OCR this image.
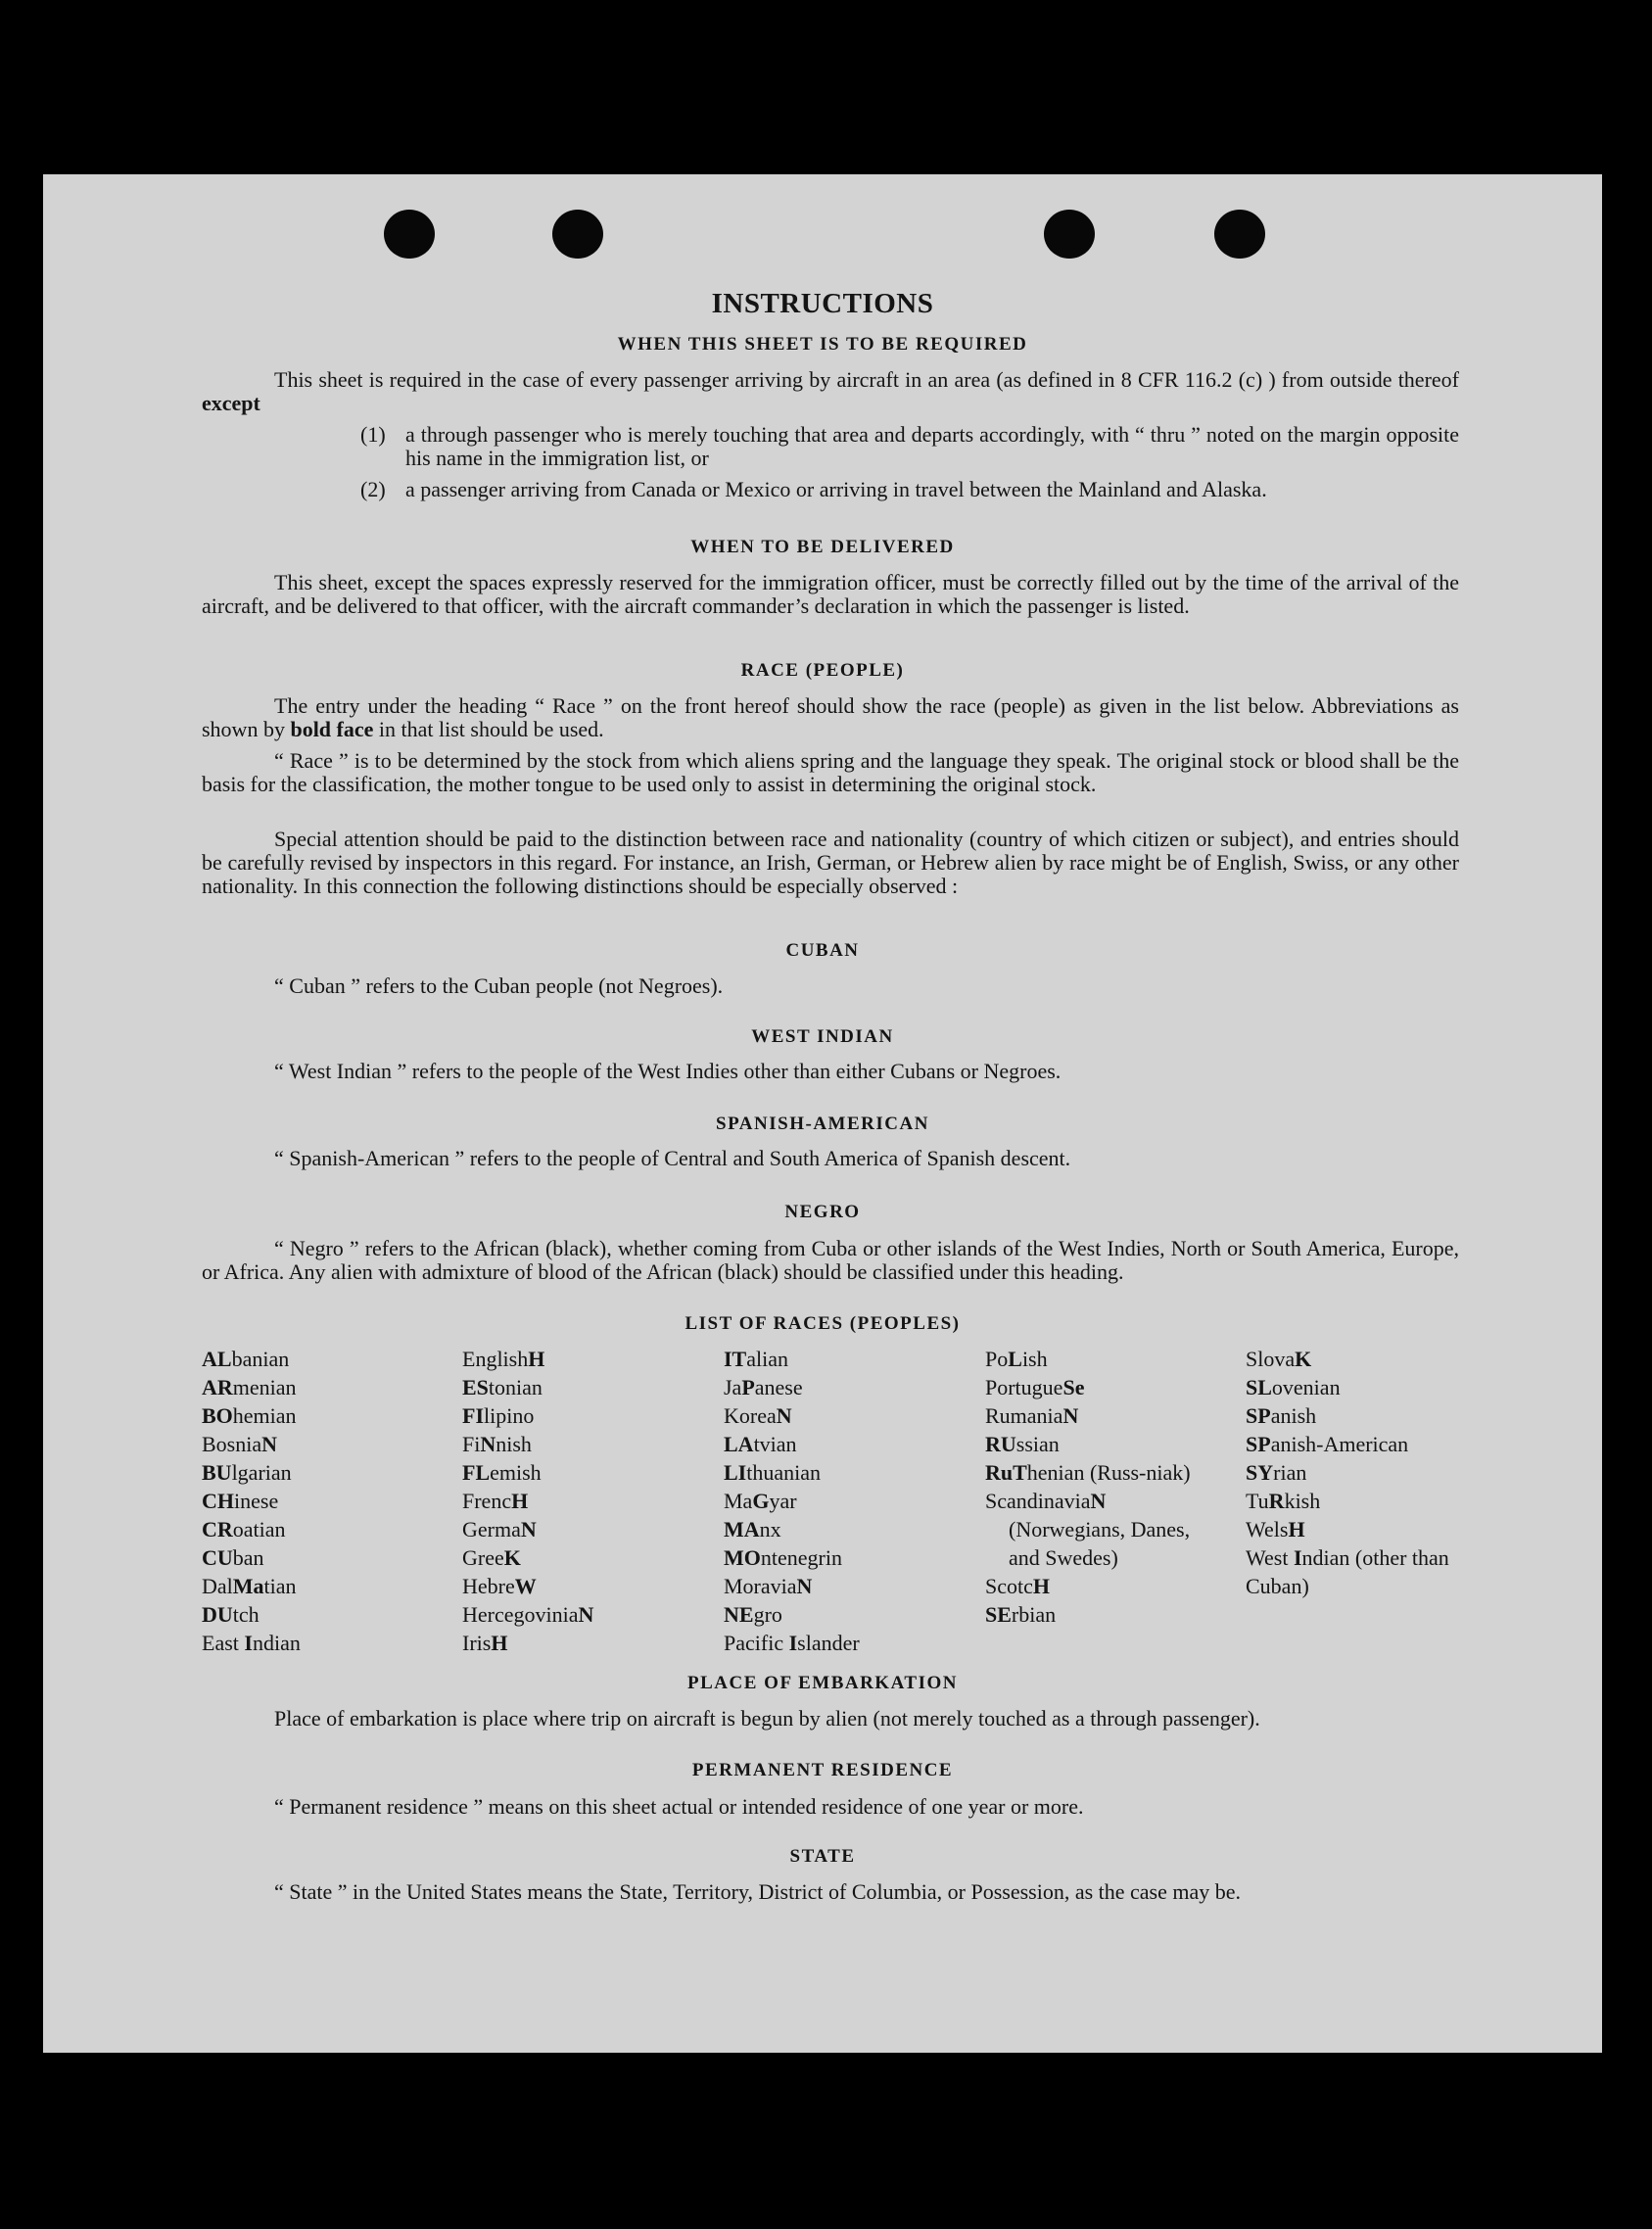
INSTRUCTIONS
WHEN THIS SHEET IS TO BE REQUIRED

This sheet is required in the case of every passenger arriving by aircraft in an area (as defined in 8 CFR 116.2 (c) ) from outside thereof except

(1) a through passenger who is merely touching that area and departs accordingly, with “ thru ” noted on the margin opposite his name in the immigration list, or
(2) a passenger arriving from Canada or Mexico or arriving in travel between the Mainland and Alaska.
WHEN TO BE DELIVERED

This sheet, except the spaces expressly reserved for the immigration officer, must be correctly filled out by the time of the arrival of the aircraft, and be delivered to that officer, with the aircraft commander’s declaration in which the passenger is listed.

RACE (PEOPLE)

The entry under the heading “ Race ” on the front hereof should show the race (people) as given in the list below. Abbreviations as shown by bold face in that list should be used.

“ Race ” is to be determined by the stock from which aliens spring and the language they speak. The original stock or blood shall be the basis for the classification, the mother tongue to be used only to assist in determining the original stock.

Special attention should be paid to the distinction between race and nationality (country of which citizen or subject), and entries should be carefully revised by inspectors in this regard. For instance, an Irish, German, or Hebrew alien by race might be of English, Swiss, or any other nationality. In this connection the following distinctions should be especially observed :

CUBAN

“ Cuban ” refers to the Cuban people (not Negroes).

WEST INDIAN

“ West Indian ” refers to the people of the West Indies other than either Cubans or Negroes.

SPANISH-AMERICAN

“ Spanish-American ” refers to the people of Central and South America of Spanish descent.

NEGRO

“ Negro ” refers to the African (black), whether coming from Cuba or other islands of the West Indies, North or South America, Europe, or Africa. Any alien with admixture of blood of the African (black) should be classified under this heading.

LIST OF RACES (PEOPLES)
ALbanian
ARmenian
BOhemian
BosniaN
BUlgarian
CHinese
CRoatian
CUban
DalMatian
DUtch
East Indian
EnglishH
EStonian
FIlipino
FiNnish
FLemish
FrencH
GermaN
GreeK
HebreW
HercegoviniaN
IrisH
ITalian
JaPanese
KoreaN
LAtvian
LIthuanian
MaGyar
MAnx
MOntenegrin
MoraviaN
NEgro
Pacific Islander
PoLish
PortugueSe
RumaniaN
RUssian
RuThenian (Russ-niak)
ScandinaviaN
(Norwegians, Danes, and Swedes)
ScotcH
SErbian
SlovaK
SLovenian
SPanish
SPanish-American
SYrian
TuRkish
WelsH
West Indian (other than Cuban)
PLACE OF EMBARKATION

Place of embarkation is place where trip on aircraft is begun by alien (not merely touched as a through passenger).

PERMANENT RESIDENCE

“ Permanent residence ” means on this sheet actual or intended residence of one year or more.

STATE

“ State ” in the United States means the State, Territory, District of Columbia, or Possession, as the case may be.
